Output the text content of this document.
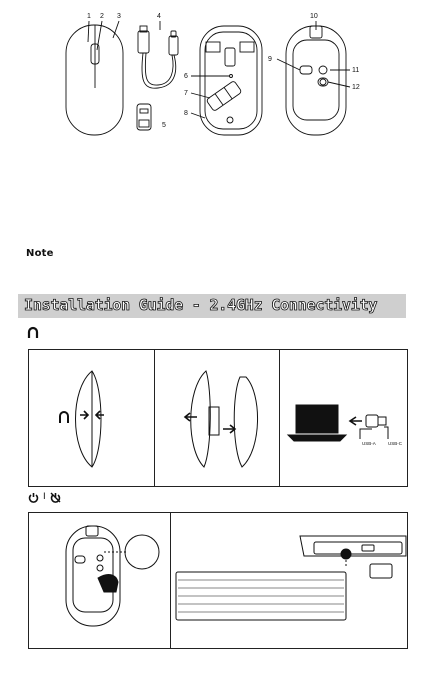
1 2 3	4
5
6
7
8
9
10
11
12
Note
Installation Guide - 2.4GHz Connectivity
USB-A	USB-C
I
